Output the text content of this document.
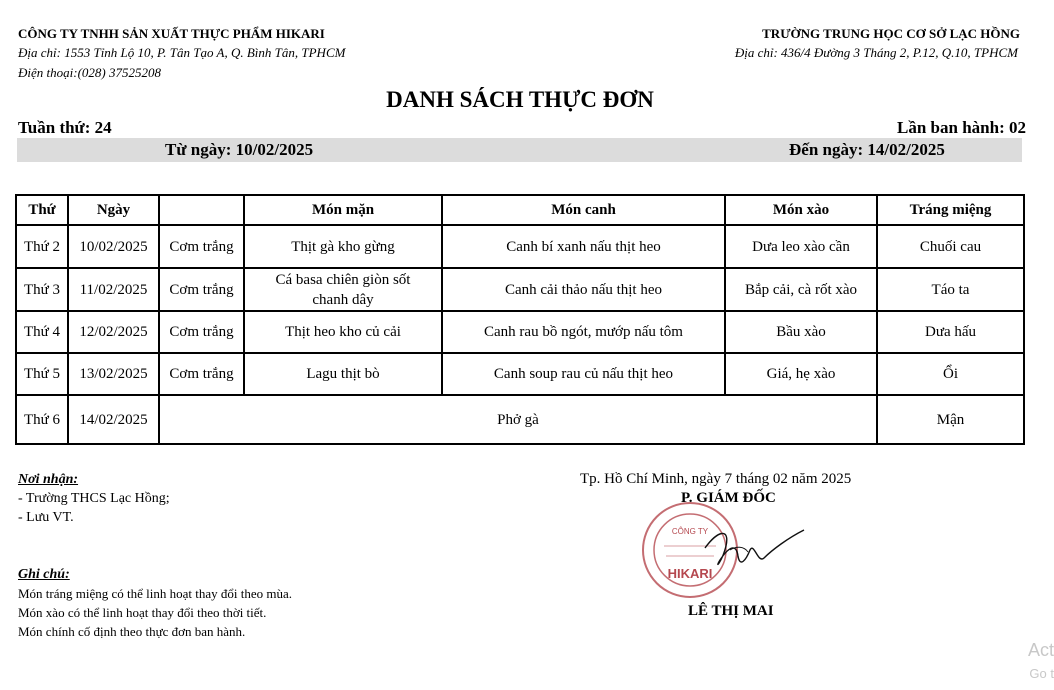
CÔNG TY TNHH SẢN XUẤT THỰC PHẨM HIKARI
Địa chỉ: 1553 Tỉnh Lộ 10, P. Tân Tạo A, Q. Bình Tân, TPHCM
Điện thoại:(028) 37525208
TRƯỜNG TRUNG HỌC CƠ SỞ LẠC HỒNG
Địa chỉ: 436/4 Đường 3 Tháng 2, P.12, Q.10, TPHCM
DANH SÁCH THỰC ĐƠN
Tuần thứ: 24	Lần ban hành: 02
Từ ngày: 10/02/2025	Đến ngày: 14/02/2025
Thứ	Ngày		Món mặn	Món canh	Món xào	Tráng miệng
Thứ 2	10/02/2025	Cơm trắng	Thịt gà kho gừng	Canh bí xanh nấu thịt heo	Dưa leo xào cần	Chuối cau
Thứ 3	11/02/2025	Cơm trắng	Cá basa chiên giòn sốt chanh dây	Canh cải thảo nấu thịt heo	Bắp cải, cà rốt xào	Táo ta
Thứ 4	12/02/2025	Cơm trắng	Thịt heo kho củ cải	Canh rau bồ ngót, mướp nấu tôm	Bầu xào	Dưa hấu
Thứ 5	13/02/2025	Cơm trắng	Lagu thịt bò	Canh soup rau củ nấu thịt heo	Giá, hẹ xào	Ổi
Thứ 6	14/02/2025	Phở gà				Mận
Nơi nhận:
- Trường THCS Lạc Hồng;
- Lưu VT.
Ghi chú:
Món tráng miệng có thể linh hoạt thay đổi theo mùa.
Món xào có thể linh hoạt thay đổi theo thời tiết.
Món chính cố định theo thực đơn ban hành.
Tp. Hồ Chí Minh, ngày 7 tháng 02 năm 2025
P. GIÁM ĐỐC
CÔNG TY
HIKARI
LÊ THỊ MAI
Act
Go t
